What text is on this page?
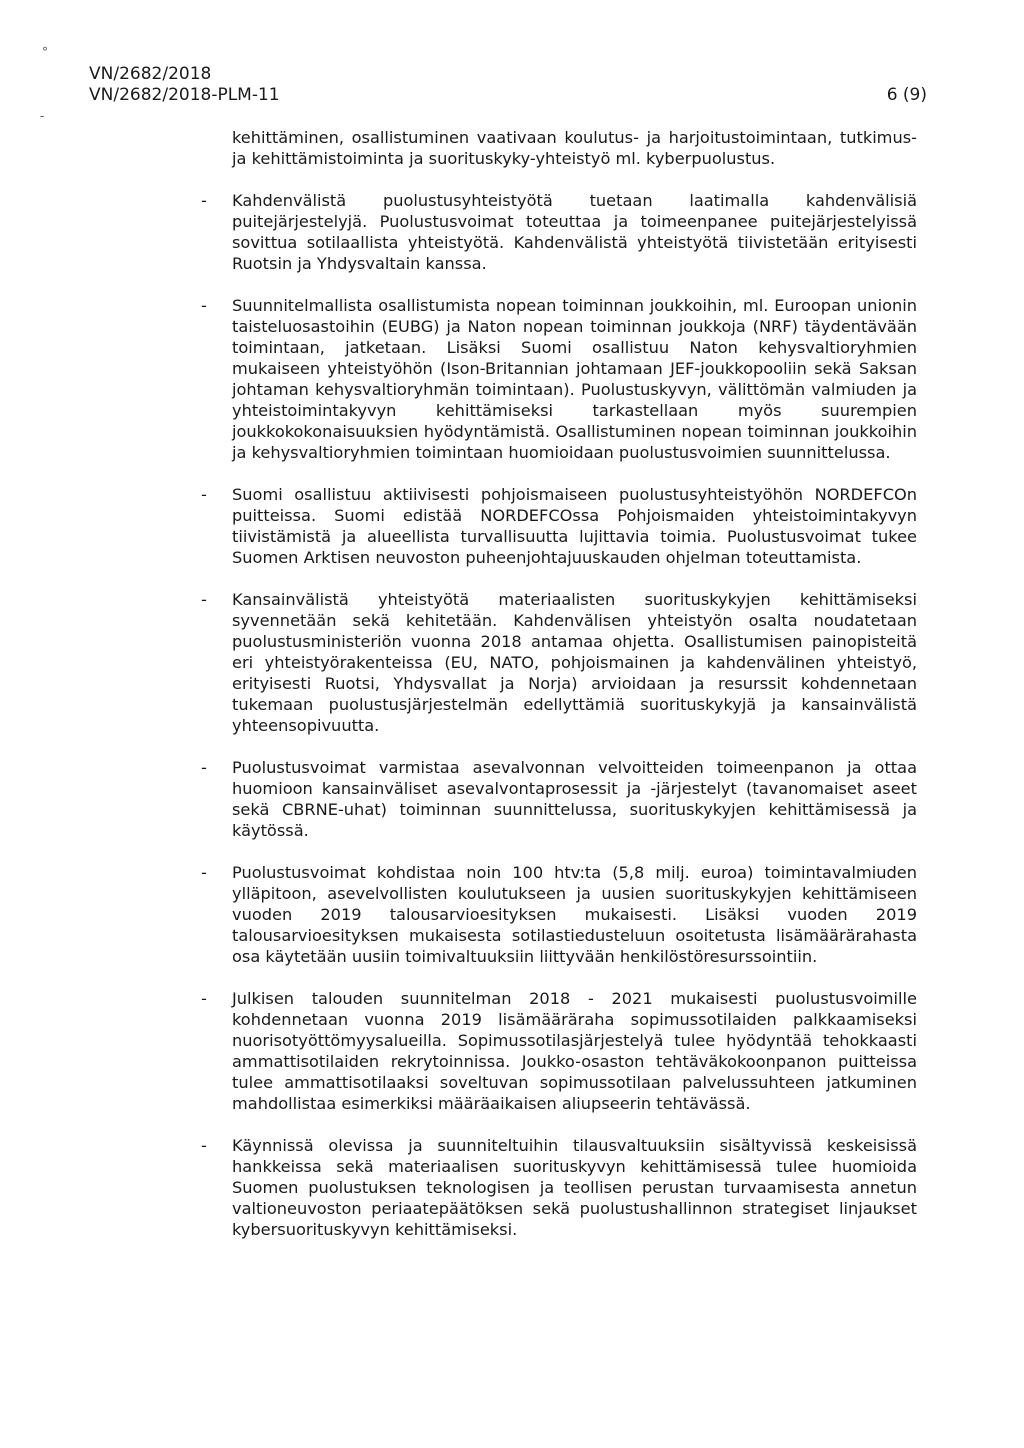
°
-
VN/2682/2018
VN/2682/2018-PLM-11	6 (9)

kehittäminen, osallistuminen vaativaan koulutus- ja harjoitustoimintaan, tutkimus- ja kehittämistoiminta ja suorituskyky-yhteistyö ml. kyberpuolustus.

- Kahdenvälistä puolustusyhteistyötä tuetaan laatimalla kahdenvälisiä puitejärjestelyjä. Puolustusvoimat toteuttaa ja toimeenpanee puitejärjestelyissä sovittua sotilaallista yhteistyötä. Kahdenvälistä yhteistyötä tiivistetään erityisesti Ruotsin ja Yhdysvaltain kanssa.

- Suunnitelmallista osallistumista nopean toiminnan joukkoihin, ml. Euroopan unionin taisteluosastoihin (EUBG) ja Naton nopean toiminnan joukkoja (NRF) täydentävään toimintaan, jatketaan. Lisäksi Suomi osallistuu Naton kehysvaltioryhmien mukaiseen yhteistyöhön (Ison-Britannian johtamaan JEF-joukkopooliin sekä Saksan johtaman kehysvaltioryhmän toimintaan). Puolustuskyvyn, välittömän valmiuden ja yhteistoimintakyvyn kehittämiseksi tarkastellaan myös suurempien joukkokokonaisuuksien hyödyntämistä. Osallistuminen nopean toiminnan joukkoihin ja kehysvaltioryhmien toimintaan huomioidaan puolustusvoimien suunnittelussa.

- Suomi osallistuu aktiivisesti pohjoismaiseen puolustusyhteistyöhön NORDEFCOn puitteissa. Suomi edistää NORDEFCOssa Pohjoismaiden yhteistoimintakyvyn tiivistämistä ja alueellista turvallisuutta lujittavia toimia. Puolustusvoimat tukee Suomen Arktisen neuvoston puheenjohtajuuskauden ohjelman toteuttamista.

- Kansainvälistä yhteistyötä materiaalisten suorituskykyjen kehittämiseksi syvennetään sekä kehitetään. Kahdenvälisen yhteistyön osalta noudatetaan puolustusministeriön vuonna 2018 antamaa ohjetta. Osallistumisen painopisteitä eri yhteistyörakenteissa (EU, NATO, pohjoismainen ja kahdenvälinen yhteistyö, erityisesti Ruotsi, Yhdysvallat ja Norja) arvioidaan ja resurssit kohdennetaan tukemaan puolustusjärjestelmän edellyttämiä suorituskykyjä ja kansainvälistä yhteensopivuutta.

- Puolustusvoimat varmistaa asevalvonnan velvoitteiden toimeenpanon ja ottaa huomioon kansainväliset asevalvontaprosessit ja -järjestelyt (tavanomaiset aseet sekä CBRNE-uhat) toiminnan suunnittelussa, suorituskykyjen kehittämisessä ja käytössä.

- Puolustusvoimat kohdistaa noin 100 htv:ta (5,8 milj. euroa) toimintavalmiuden ylläpitoon, asevelvollisten koulutukseen ja uusien suorituskykyjen kehittämiseen vuoden 2019 talousarvioesityksen mukaisesti. Lisäksi vuoden 2019 talousarvioesityksen mukaisesta sotilastiedusteluun osoitetusta lisämäärärahasta osa käytetään uusiin toimivaltuuksiin liittyvään henkilöstöresurssointiin.

- Julkisen talouden suunnitelman 2018 - 2021 mukaisesti puolustusvoimille kohdennetaan vuonna 2019 lisämääräraha sopimussotilaiden palkkaamiseksi nuorisotyöttömyysalueilla. Sopimussotilasjärjestelyä tulee hyödyntää tehokkaasti ammattisotilaiden rekrytoinnissa. Joukko-osaston tehtäväkokoonpanon puitteissa tulee ammattisotilaaksi soveltuvan sopimussotilaan palvelussuhteen jatkuminen mahdollistaa esimerkiksi määräaikaisen aliupseerin tehtävässä.

- Käynnissä olevissa ja suunniteltuihin tilausvaltuuksiin sisältyvissä keskeisissä hankkeissa sekä materiaalisen suorituskyvyn kehittämisessä tulee huomioida Suomen puolustuksen teknologisen ja teollisen perustan turvaamisesta annetun valtioneuvoston periaatepäätöksen sekä puolustushallinnon strategiset linjaukset kybersuorituskyvyn kehittämiseksi.
